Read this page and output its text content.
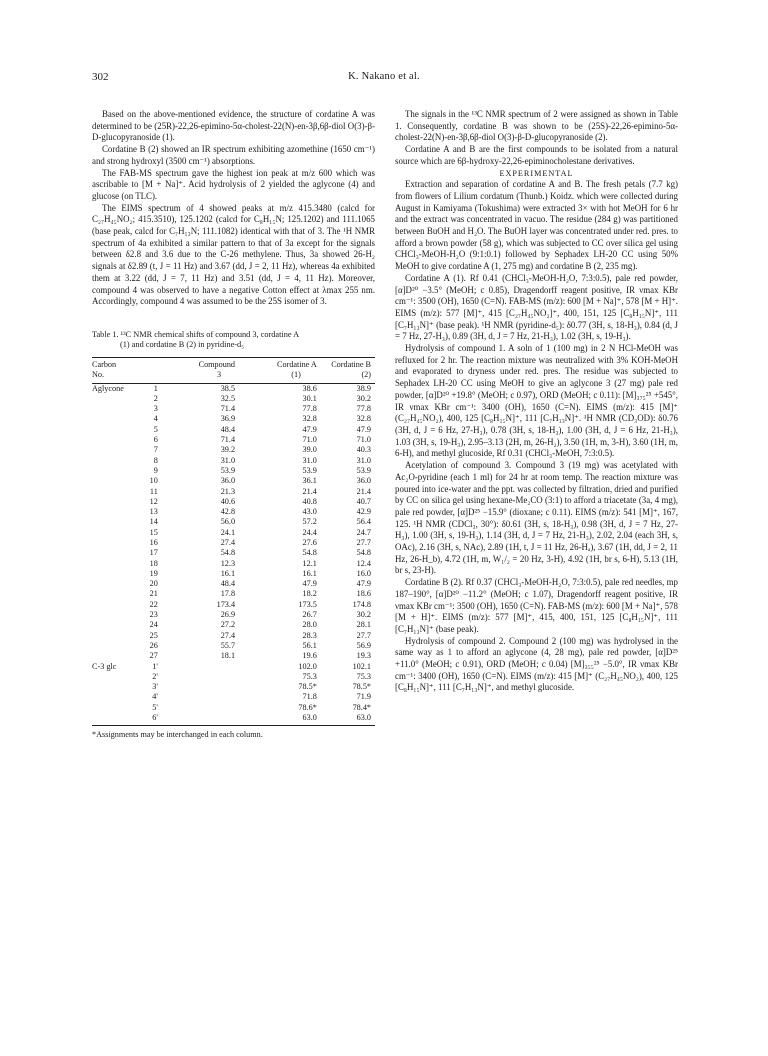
302	K. Nakano et al.

Based on the above-mentioned evidence, the structure of cordatine A was determined to be (25R)-22,26-epimino-5α-cholest-22(N)-en-3β,6β-diol O(3)-β-D-glucopyranoside (1).

Cordatine B (2) showed an IR spectrum exhibiting azomethine (1650 cm⁻¹) and strong hydroxyl (3500 cm⁻¹) absorptions.

The FAB-MS spectrum gave the highest ion peak at m/z 600 which was ascribable to [M + Na]⁺. Acid hydrolysis of 2 yielded the aglycone (4) and glucose (on TLC).

The EIMS spectrum of 4 showed peaks at m/z 415.3480 (calcd for C₂₇H₄₅NO₂; 415.3510), 125.1202 (calcd for C₈H₁₅N; 125.1202) and 111.1065 (base peak, calcd for C₇H₁₃N; 111.1082) identical with that of 3. The ¹H NMR spectrum of 4a exhibited a similar pattern to that of 3a except for the signals between δ2.8 and 3.6 due to the C-26 methylene. Thus, 3a showed 26-H₂ signals at δ2.89 (t, J = 11 Hz) and 3.67 (dd, J = 2, 11 Hz), whereas 4a exhibited them at 3.22 (dd, J = 7, 11 Hz) and 3.51 (dd, J = 4, 11 Hz). Moreover, compound 4 was observed to have a negative Cotton effect at λmax 255 nm. Accordingly, compound 4 was assumed to be the 25S isomer of 3.

Table 1. ¹³C NMR chemical shifts of compound 3, cordatine A
(1) and cordatine B (2) in pyridine-d₅
Carbon		Compound	Cordatine A	Cordatine B
No.		3	(1)	(2)
Aglycone	1	38.5	38.6	38.9
	2	32.5	30.1	30.2
	3	71.4	77.8	77.8
	4	36.9	32.8	32.8
	5	48.4	47.9	47.9
	6	71.4	71.0	71.0
	7	39.2	39.0	40.3
	8	31.0	31.0	31.0
	9	53.9	53.9	53.9
	10	36.0	36.1	36.0
	11	21.3	21.4	21.4
	12	40.6	40.8	40.7
	13	42.8	43.0	42.9
	14	56.0	57.2	56.4
	15	24.1	24.4	24.7
	16	27.4	27.6	27.7
	17	54.8	54.8	54.8
	18	12.3	12.1	12.4
	19	16.1	16.1	16.0
	20	48.4	47.9	47.9
	21	17.8	18.2	18.6
	22	173.4	173.5	174.8
	23	26.9	26.7	30.2
	24	27.2	28.0	28.1
	25	27.4	28.3	27.7
	26	55.7	56.1	56.9
	27	18.1	19.6	19.3
C-3 glc	1'		102.0	102.1
	2'		75.3	75.3
	3'		78.5*	78.5*
	4'		71.8	71.9
	5'		78.6*	78.4*
	6'		63.0	63.0
*Assignments may be interchanged in each column.

The signals in the ¹³C NMR spectrum of 2 were assigned as shown in Table 1. Consequently, cordatine B was shown to be (25S)-22,26-epimino-5α-cholest-22(N)-en-3β,6β-diol O(3)-β-D-glucopyranoside (2).

Cordatine A and B are the first compounds to be isolated from a natural source which are 6β-hydroxy-22,26-epiminocholestane derivatives.

EXPERIMENTAL

Extraction and separation of cordatine A and B. The fresh petals (7.7 kg) from flowers of Lilium cordatum (Thunb.) Koidz. which were collected during August in Kamiyama (Tokushima) were extracted 3× with hot MeOH for 6 hr and the extract was concentrated in vacuo. The residue (284 g) was partitioned between BuOH and H₂O. The BuOH layer was concentrated under red. pres. to afford a brown powder (58 g), which was subjected to CC over silica gel using CHCl₃-MeOH-H₂O (9:1:0.1) followed by Sephadex LH-20 CC using 50% MeOH to give cordatine A (1, 275 mg) and cordatine B (2, 235 mg).

Cordatine A (1). Rf 0.41 (CHCl₃-MeOH-H₂O, 7:3:0.5), pale red powder, [α]D²⁰ −3.5° (MeOH; c 0.85), Dragendorff reagent positive, IR νmax KBr cm⁻¹: 3500 (OH), 1650 (C=N). FAB-MS (m/z): 600 [M + Na]⁺, 578 [M + H]⁺. EIMS (m/z): 577 [M]⁺, 415 [C₂₇H₄₅NO₂]⁺, 400, 151, 125 [C₈H₁₅N]⁺, 111 [C₇H₁₃N]⁺ (base peak). ¹H NMR (pyridine-d₅): δ0.77 (3H, s, 18-H₃), 0.84 (d, J = 7 Hz, 27-H₃), 0.89 (3H, d, J = 7 Hz, 21-H₃), 1.02 (3H, s, 19-H₃).

Hydrolysis of compound 1. A soln of 1 (100 mg) in 2 N HCl-MeOH was refluxed for 2 hr. The reaction mixture was neutralized with 3% KOH-MeOH and evaporated to dryness under red. pres. The residue was subjected to Sephadex LH-20 CC using MeOH to give an aglycone 3 (27 mg) pale red powder, [α]D²⁰ +19.8° (MeOH; c 0.97), ORD (MeOH; c 0.11): [M]₃₇₅²⁵ +545°, IR νmax KBr cm⁻¹: 3400 (OH), 1650 (C=N). EIMS (m/z): 415 [M]⁺ (C₂₇H₄₅NO₂), 400, 125 [C₈H₁₅N]⁺, 111 [C₇H₁₃N]⁺. ¹H NMR (CD₃OD): δ0.76 (3H, d, J = 6 Hz, 27-H₃), 0.78 (3H, s, 18-H₃), 1.00 (3H, d, J = 6 Hz, 21-H₃), 1.03 (3H, s, 19-H₃), 2.95–3.13 (2H, m, 26-H₂), 3.50 (1H, m, 3-H), 3.60 (1H, m, 6-H), and methyl glucoside, Rf 0.31 (CHCl₃-MeOH, 7:3:0.5).

Acetylation of compound 3. Compound 3 (19 mg) was acetylated with Ac₂O-pyridine (each 1 ml) for 24 hr at room temp. The reaction mixture was poured into ice-water and the ppt. was collected by filtration, dried and purified by CC on silica gel using hexane-Me₂CO (3:1) to afford a triacetate (3a, 4 mg), pale red powder, [α]D²⁵ −15.9° (dioxane; c 0.11). EIMS (m/z): 541 [M]⁺, 167, 125. ¹H NMR (CDCl₃, 30°): δ0.61 (3H, s, 18-H₃), 0.98 (3H, d, J = 7 Hz, 27-H₃), 1.00 (3H, s, 19-H₃), 1.14 (3H, d, J = 7 Hz, 21-H₃), 2.02, 2.04 (each 3H, s, OAc), 2.16 (3H, s, NAc), 2.89 (1H, t, J = 11 Hz, 26-Hₐ), 3.67 (1H, dd, J = 2, 11 Hz, 26-H_b), 4.72 (1H, m, W₁/₂ = 20 Hz, 3-H), 4.92 (1H, br s, 6-H), 5.13 (1H, br s, 23-H).

Cordatine B (2). Rf 0.37 (CHCl₃-MeOH-H₂O, 7:3:0.5), pale red needles, mp 187–190°, [α]D²⁰ −11.2° (MeOH; c 1.07), Dragendorff reagent positive, IR νmax KBr cm⁻¹: 3500 (OH), 1650 (C=N). FAB-MS (m/z): 600 [M + Na]⁺, 578 [M + H]⁺. EIMS (m/z): 577 [M]⁺, 415, 400, 151, 125 [C₈H₁₅N]⁺, 111 [C₇H₁₃N]⁺ (base peak).

Hydrolysis of compound 2. Compound 2 (100 mg) was hydrolysed in the same way as 1 to afford an aglycone (4, 28 mg), pale red powder, [α]D²⁵ +11.0° (MeOH; c 0.91), ORD (MeOH; c 0.04) [M]₃₅₅²⁵ −5.0°, IR νmax KBr cm⁻¹: 3400 (OH), 1650 (C=N). EIMS (m/z): 415 [M]⁺ (C₂₇H₄₅NO₂), 400, 125 [C₈H₁₅N]⁺, 111 [C₇H₁₃N]⁺, and methyl glucoside.
